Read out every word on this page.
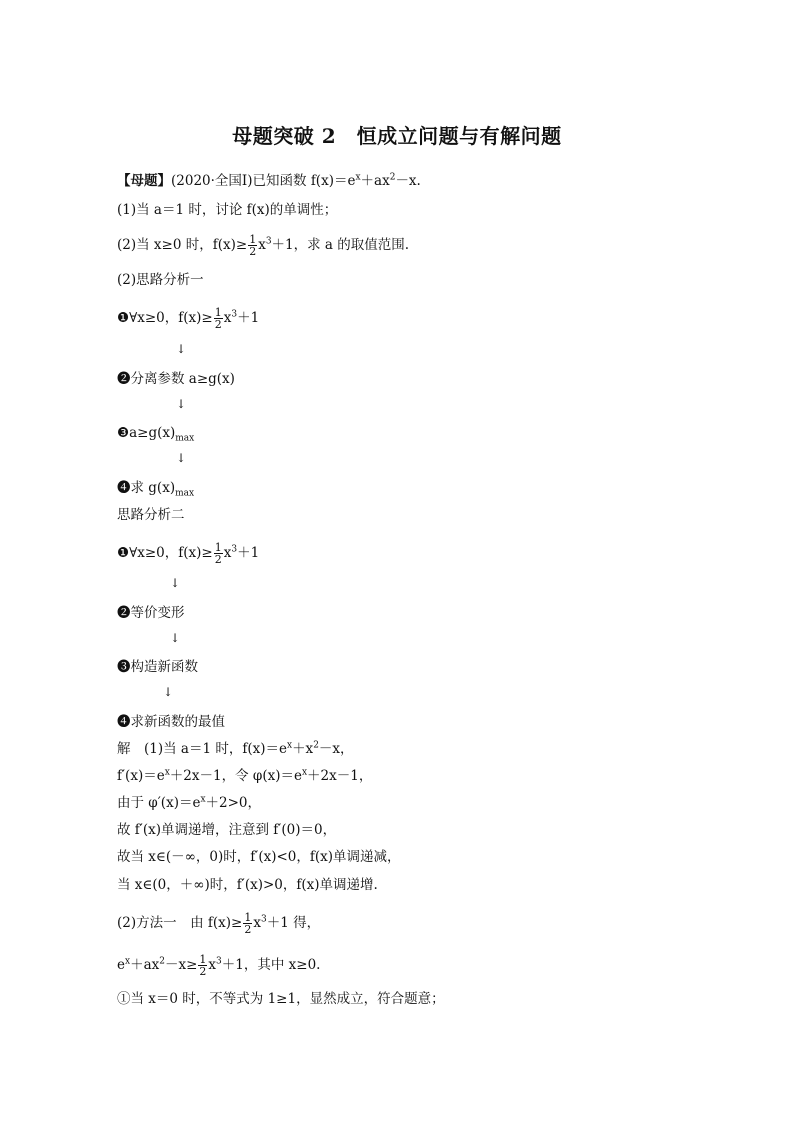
母题突破 2　恒成立问题与有解问题
【母题】(2020·全国Ⅰ)已知函数 $f(x)=e^x+ax^2-x$.
(1)当 a＝1 时，讨论 f(x)的单调性；
(2)当 x≥0 时，$f(x)\ge \frac{1}{2} x^3+1$，求 a 的取值范围.
(2)思路分析一
❶∀x≥0，$f(x)\ge \frac{1}{2} x^3+1$
↓
❷分离参数 a≥g(x)
↓
$❸a\ge g(x)_{max}$
↓
❹求 $g(x)_{max}$
思路分析二
❶∀x≥0，$f(x)\ge \frac{1}{2} x^3+1$
↓
❷等价变形
↓
❸构造新函数
↓
❹求新函数的最值
解　(1)当 a＝1 时，$f(x)=e^x+x^2-x$，
$f'(x)=e^x+2x-1$，令 $\varphi(x)=e^x+2x-1$，
由于 $\varphi'(x)=e^x+2>0$，
故 f′(x)单调递增，注意到 f′(0)＝0，
故当 x∈(－∞，0)时，f′(x)<0，f(x)单调递减，
当 x∈(0，＋∞)时，f′(x)>0，f(x)单调递增.
(2)方法一　由 $f(x)\ge \frac{1}{2} x^3+1$ 得，
$e^x+ax^2-x\ge \frac{1}{2} x^3+1$，其中 x≥0.
①当 x＝0 时，不等式为 1≥1，显然成立，符合题意；
